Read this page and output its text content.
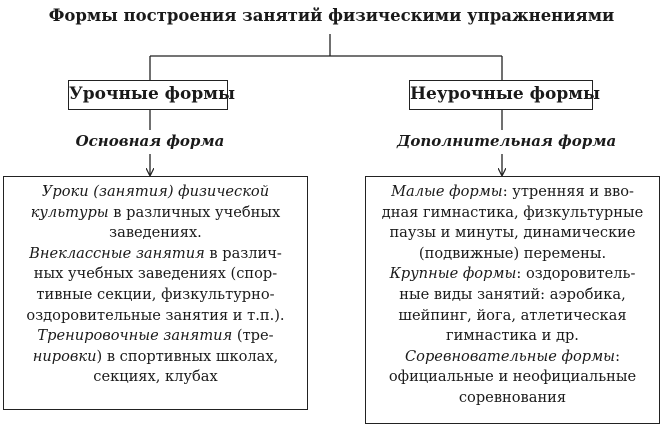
Формы построения занятий физическими упражнениями
Урочные формы	Неурочные формы
Основная форма	Дополнительная форма
Уроки (занятия) физической
культуры в различных учебных
заведениях.
Внеклассные занятия в различ-
ных учебных заведениях (спор-
тивные секции, физкультурно-
оздоровительные занятия и т.п.).
Тренировочные занятия (тре-
нировки) в спортивных школах,
секциях, клубах
Малые формы: утренняя и вво-
дная гимнастика, физкультурные
паузы и минуты, динамические
(подвижные) перемены.
Крупные формы: оздоровитель-
ные виды занятий: аэробика,
шейпинг, йога, атлетическая
гимнастика и др.
Соревновательные формы:
официальные и неофициальные
соревнования
